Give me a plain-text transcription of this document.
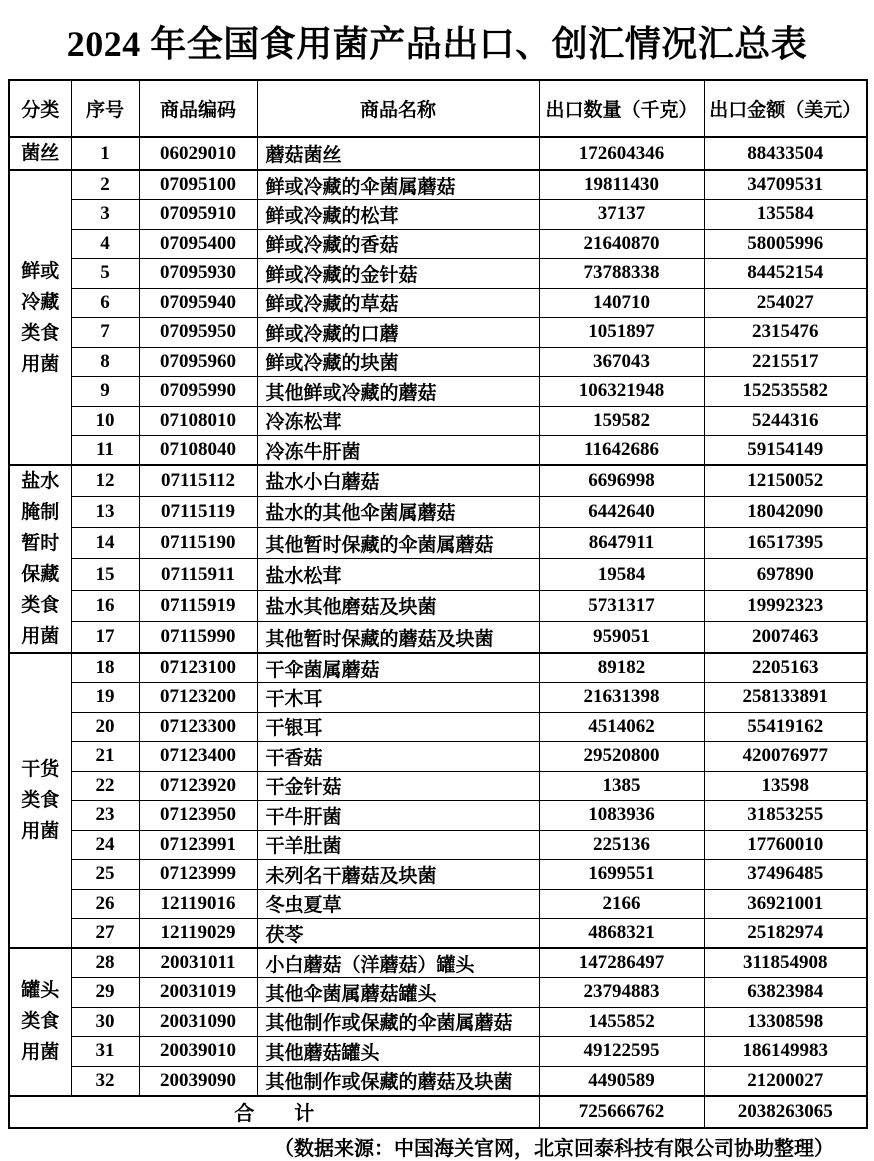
2024 年全国食用菌产品出口、创汇情况汇总表
分类	序号	商品编码	商品名称	出口数量（千克）	出口金额（美元）

菌丝	1	06029010	蘑菇菌丝	172604346	88433504

鲜或
冷藏
类食
用菌	2	07095100	鲜或冷藏的伞菌属蘑菇	19811430	34709531
	3	07095910	鲜或冷藏的松茸	37137	135584
	4	07095400	鲜或冷藏的香菇	21640870	58005996
	5	07095930	鲜或冷藏的金针菇	73788338	84452154
	6	07095940	鲜或冷藏的草菇	140710	254027
	7	07095950	鲜或冷藏的口蘑	1051897	2315476
	8	07095960	鲜或冷藏的块菌	367043	2215517
	9	07095990	其他鲜或冷藏的蘑菇	106321948	152535582
	10	07108010	冷冻松茸	159582	5244316
	11	07108040	冷冻牛肝菌	11642686	59154149

盐水
腌制
暂时
保藏
类食
用菌
	12	07115112	盐水小白蘑菇	6696998	12150052
	13	07115119	盐水的其他伞菌属蘑菇	6442640	18042090
	14	07115190	其他暂时保藏的伞菌属蘑菇	8647911	16517395
	15	07115911	盐水松茸	19584	697890
	16	07115919	盐水其他磨菇及块菌	5731317	19992323
	17	07115990	其他暂时保藏的蘑菇及块菌	959051	2007463

干货
类食
用菌	18	07123100	干伞菌属蘑菇	89182	2205163
	19	07123200	干木耳	21631398	258133891
	20	07123300	干银耳	4514062	55419162
	21	07123400	干香菇	29520800	420076977
	22	07123920	干金针菇	1385	13598
	23	07123950	干牛肝菌	1083936	31853255
	24	07123991	干羊肚菌	225136	17760010
	25	07123999	未列名干蘑菇及块菌	1699551	37496485
	26	12119016	冬虫夏草	2166	36921001
	27	12119029	茯苓	4868321	25182974

罐头
类食
用菌	28	20031011	小白蘑菇（洋蘑菇）罐头	147286497	311854908
	29	20031019	其他伞菌属蘑菇罐头	23794883	63823984
	30	20031090	其他制作或保藏的伞菌属蘑菇	1455852	13308598
	31	20039010	其他蘑菇罐头	49122595	186149983
	32	20039090	其他制作或保藏的蘑菇及块菌	4490589	21200027
合　　计				725666762	2038263065
（数据来源：中国海关官网，北京回泰科技有限公司协助整理）
